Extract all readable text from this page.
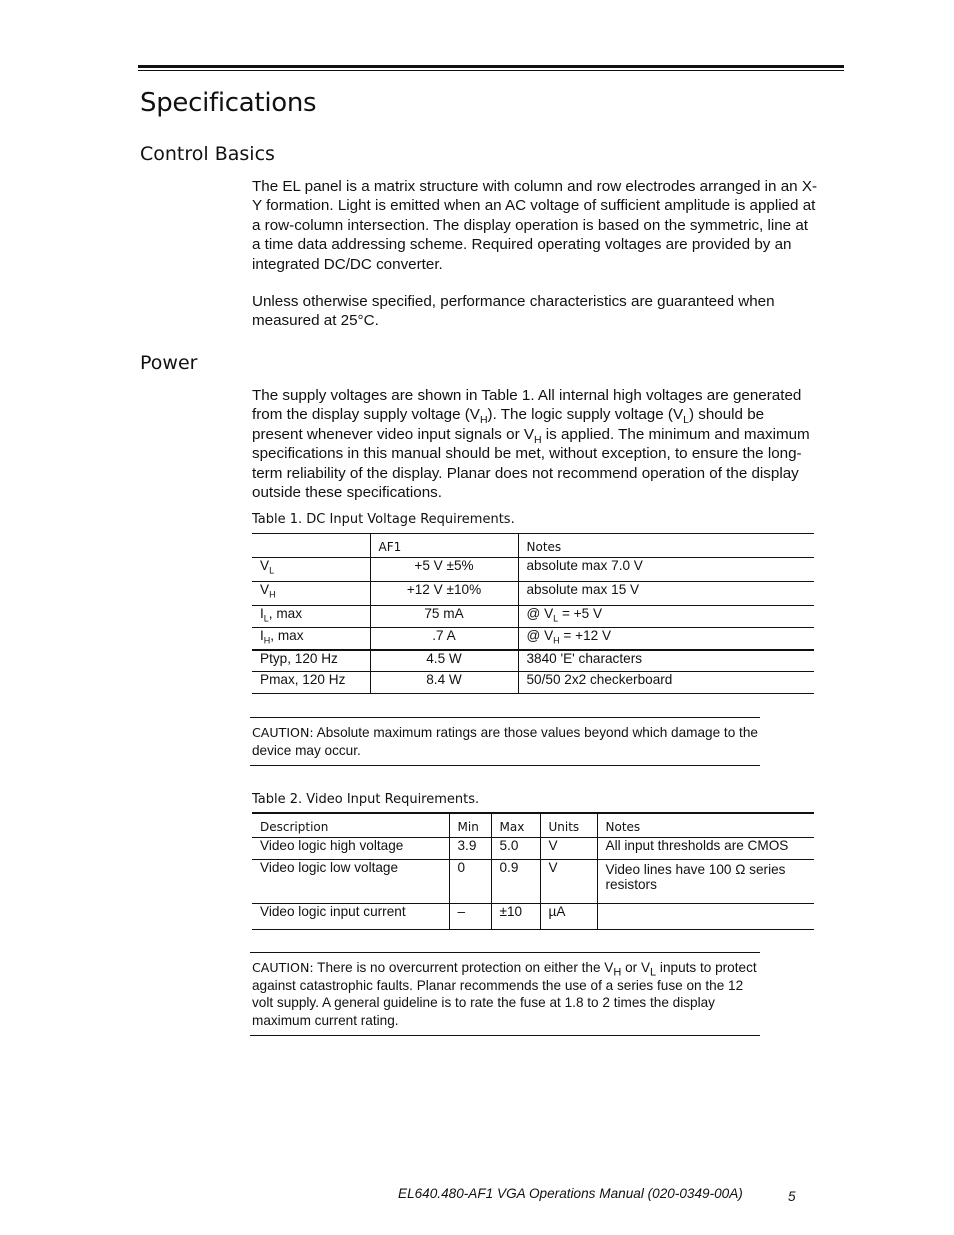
Specifications
Control Basics

The EL panel is a matrix structure with column and row electrodes arranged in an X-Y formation. Light is emitted when an AC voltage of sufficient amplitude is applied at a row-column intersection. The display operation is based on the symmetric, line at a time data addressing scheme. Required operating voltages are provided by an integrated DC/DC converter.

Unless otherwise specified, performance characteristics are guaranteed when measured at 25°C.

Power

The supply voltages are shown in Table 1. All internal high voltages are generated from the display supply voltage $(V_H)$. The logic supply voltage $(V_L)$ should be present whenever video input signals or $V_H$ is applied. The minimum and maximum specifications in this manual should be met, without exception, to ensure the long-term reliability of the display. Planar does not recommend operation of the display outside these specifications.

Table 1. DC Input Voltage Requirements.

	AF1	Notes
$V_L$	+5 V ±5%	absolute max 7.0 V
$V_H$	+12 V ±10%	absolute max 15 V
$I_L$, max	75 mA	@ $V_L = +5$ V
$I_H$, max	.7 A	@ $V_H = +12$ V
Ptyp, 120 Hz	4.5 W	3840 'E' characters
Pmax, 120 Hz	8.4 W	50/50 2x2 checkerboard
CAUTION: Absolute maximum ratings are those values beyond which damage to the device may occur.

Table 2. Video Input Requirements.

Description	Min	Max	Units	Notes
Video logic high voltage	3.9	5.0	V	All input thresholds are CMOS
Video logic low voltage	0	0.9	V	Video lines have 100 Ω series resistors
Video logic input current	–	±10	µA	
CAUTION: There is no overcurrent protection on either the $V_H$ or $V_L$ inputs to protect against catastrophic faults. Planar recommends the use of a series fuse on the 12 volt supply. A general guideline is to rate the fuse at 1.8 to 2 times the display maximum current rating.
EL640.480-AF1 VGA Operations Manual (020-0349-00A)	5
